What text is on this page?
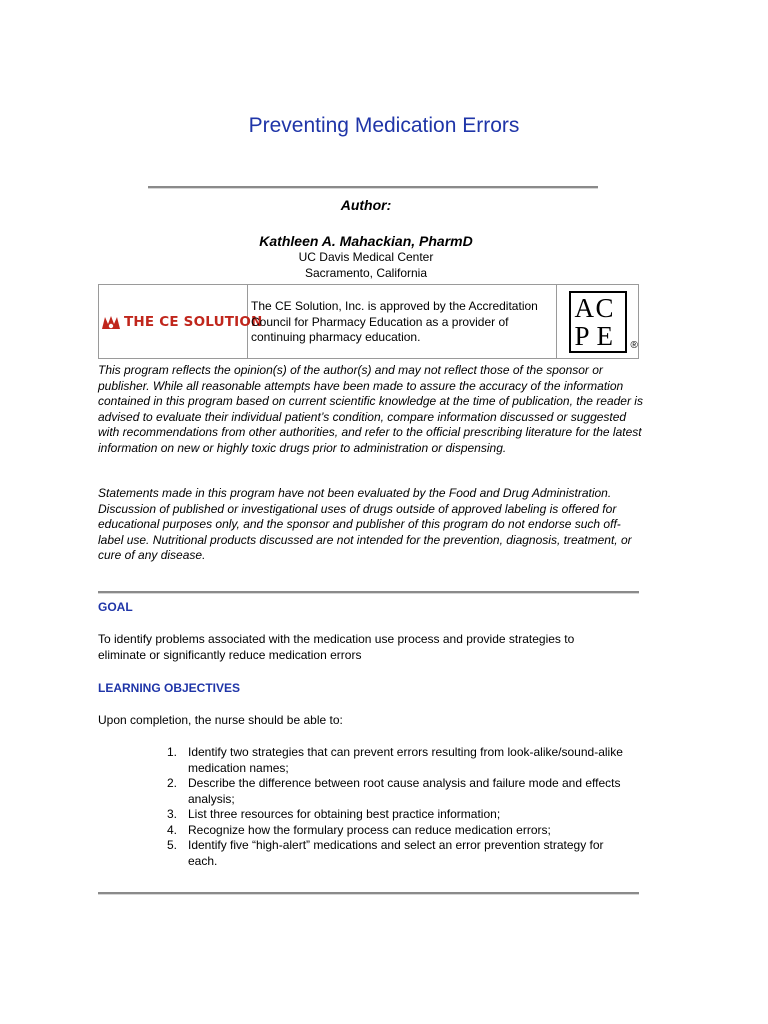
Preventing Medication Errors
Author:
Kathleen A. Mahackian, PharmD
UC Davis Medical Center
Sacramento, California
THE CE SOLUTION
The CE Solution, Inc. is approved by the Accreditation Council for Pharmacy Education as a provider of continuing pharmacy education.
A C
P E ®

This program reflects the opinion(s) of the author(s) and may not reflect those of the sponsor or publisher. While all reasonable attempts have been made to assure the accuracy of the information contained in this program based on current scientific knowledge at the time of publication, the reader is advised to evaluate their individual patient’s condition, compare information discussed or suggested with recommendations from other authorities, and refer to the official prescribing literature for the latest information on new or highly toxic drugs prior to administration or dispensing.

Statements made in this program have not been evaluated by the Food and Drug Administration. Discussion of published or investigational uses of drugs outside of approved labeling is offered for educational purposes only, and the sponsor and publisher of this program do not endorse such off-label use. Nutritional products discussed are not intended for the prevention, diagnosis, treatment, or cure of any disease.

GOAL

To identify problems associated with the medication use process and provide strategies to eliminate or significantly reduce medication errors

LEARNING OBJECTIVES

Upon completion, the nurse should be able to:

1. Identify two strategies that can prevent errors resulting from look-alike/sound-alike medication names;
2. Describe the difference between root cause analysis and failure mode and effects analysis;
3. List three resources for obtaining best practice information;
4. Recognize how the formulary process can reduce medication errors;
5. Identify five “high-alert” medications and select an error prevention strategy for each.
